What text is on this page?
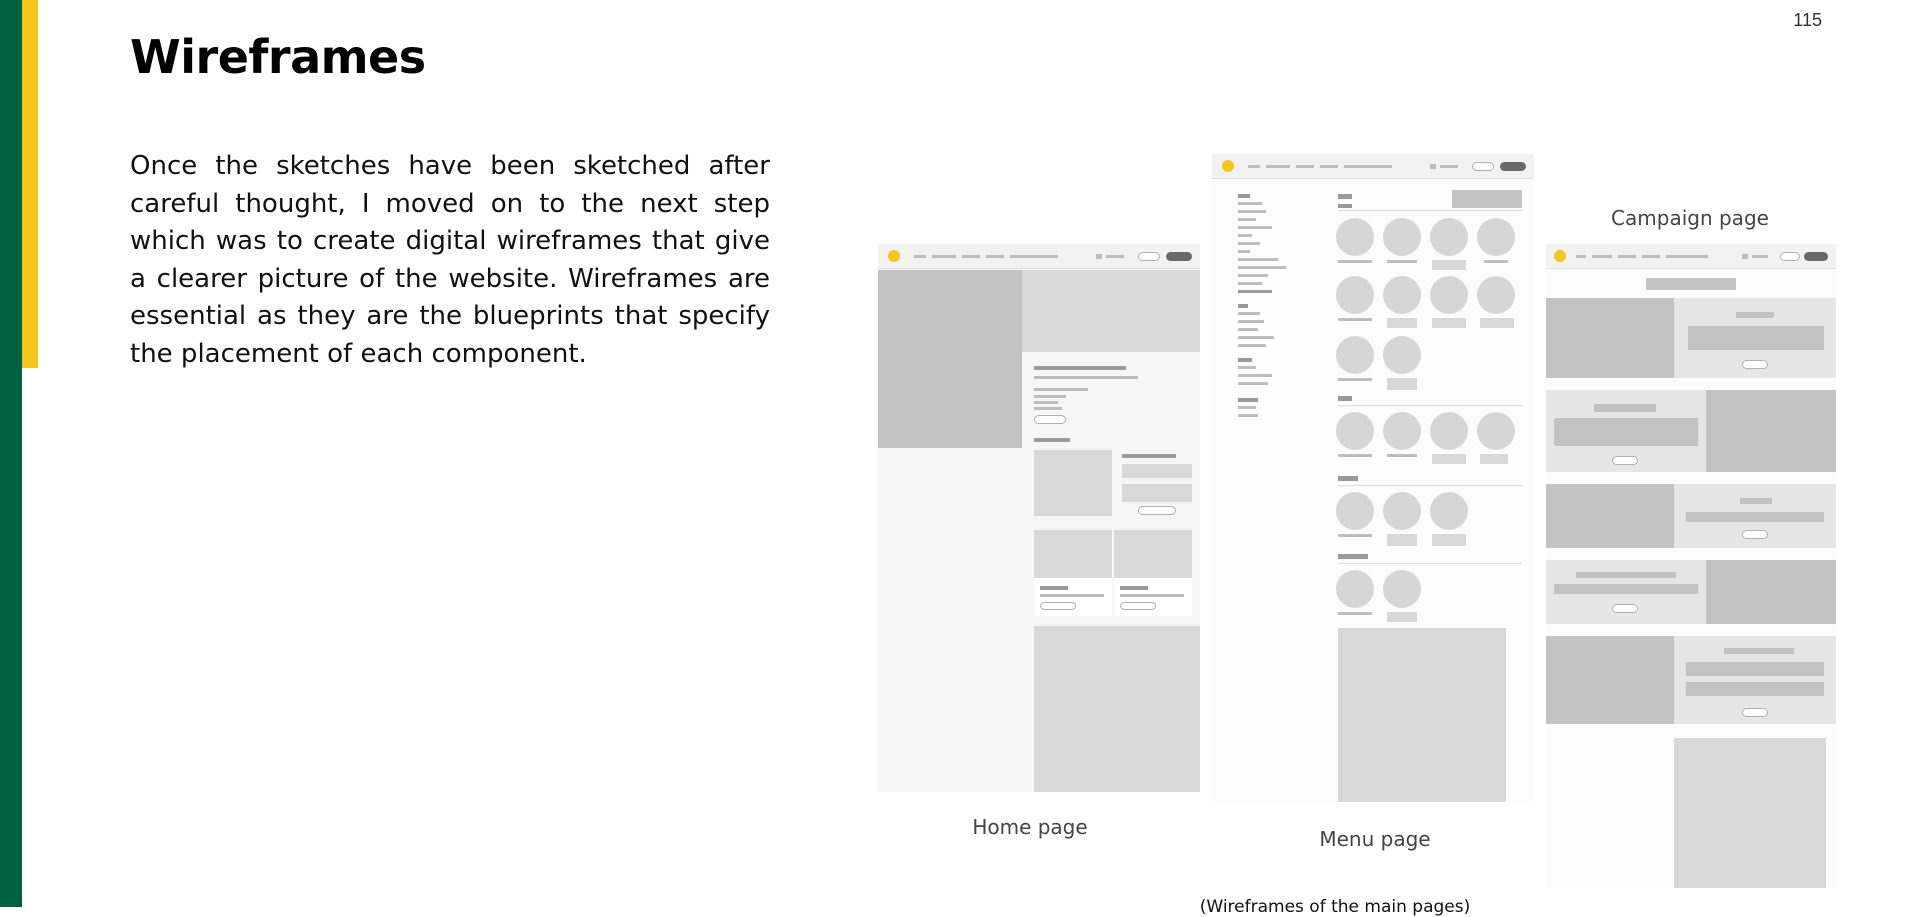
115
Wireframes

Once the sketches have been sketched after careful thought, I moved on to the next step which was to create digital wireframes that give a clearer picture of the website. Wireframes are essential as they are the blueprints that specify the placement of each component.

Home page	Menu page
Campaign page
(Wireframes of the main pages)
